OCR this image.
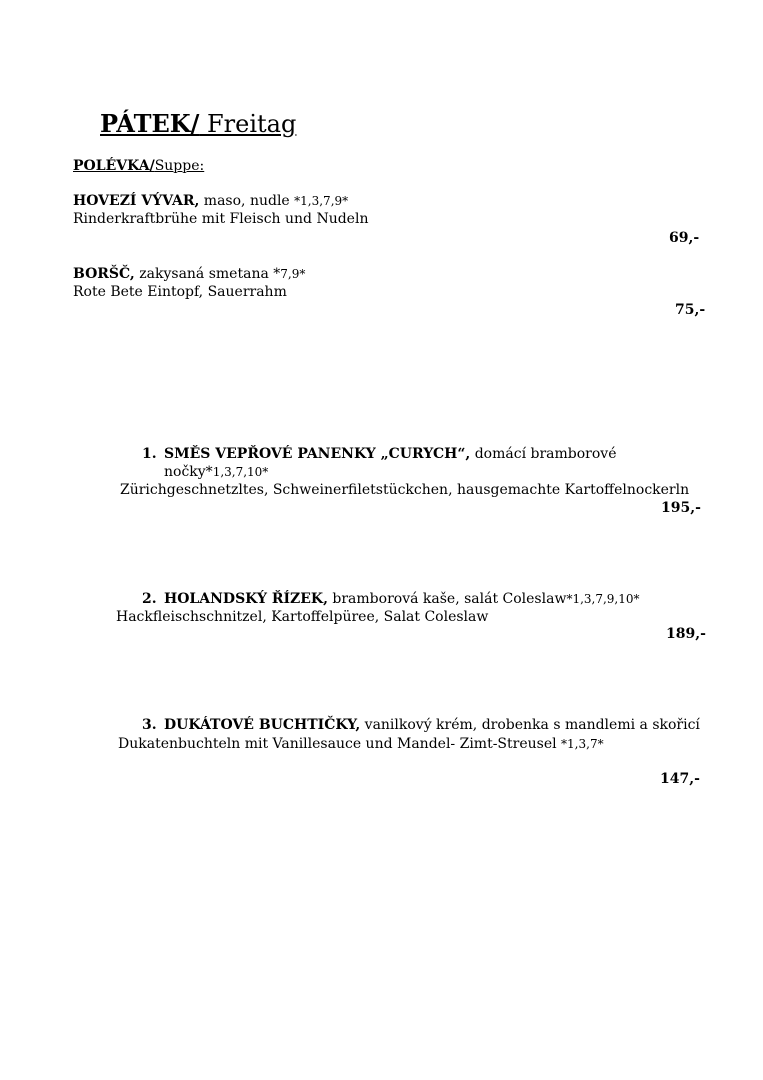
PÁTEK/ Freitag
POLÉVKA/Suppe:
HOVEZÍ VÝVAR, maso, nudle *1,3,7,9*
Rinderkraftbrühe mit Fleisch und Nudeln
69,-
BORŠČ, zakysaná smetana *7,9*
Rote Bete Eintopf, Sauerrahm
75,-
1. SMĚS VEPŘOVÉ PANENKY „CURYCH“, domácí bramborové
nočky*1,3,7,10*
Zürichgeschnetzltes, Schweinerfiletstückchen, hausgemachte Kartoffelnockerln
195,-
2. HOLANDSKÝ ŘÍZEK, bramborová kaše, salát Coleslaw*1,3,7,9,10*
Hackfleischschnitzel, Kartoffelpüree, Salat Coleslaw
189,-
3. DUKÁTOVÉ BUCHTIČKY, vanilkový krém, drobenka s mandlemi a skořicí
Dukatenbuchteln mit Vanillesauce und Mandel- Zimt-Streusel *1,3,7*
147,-
